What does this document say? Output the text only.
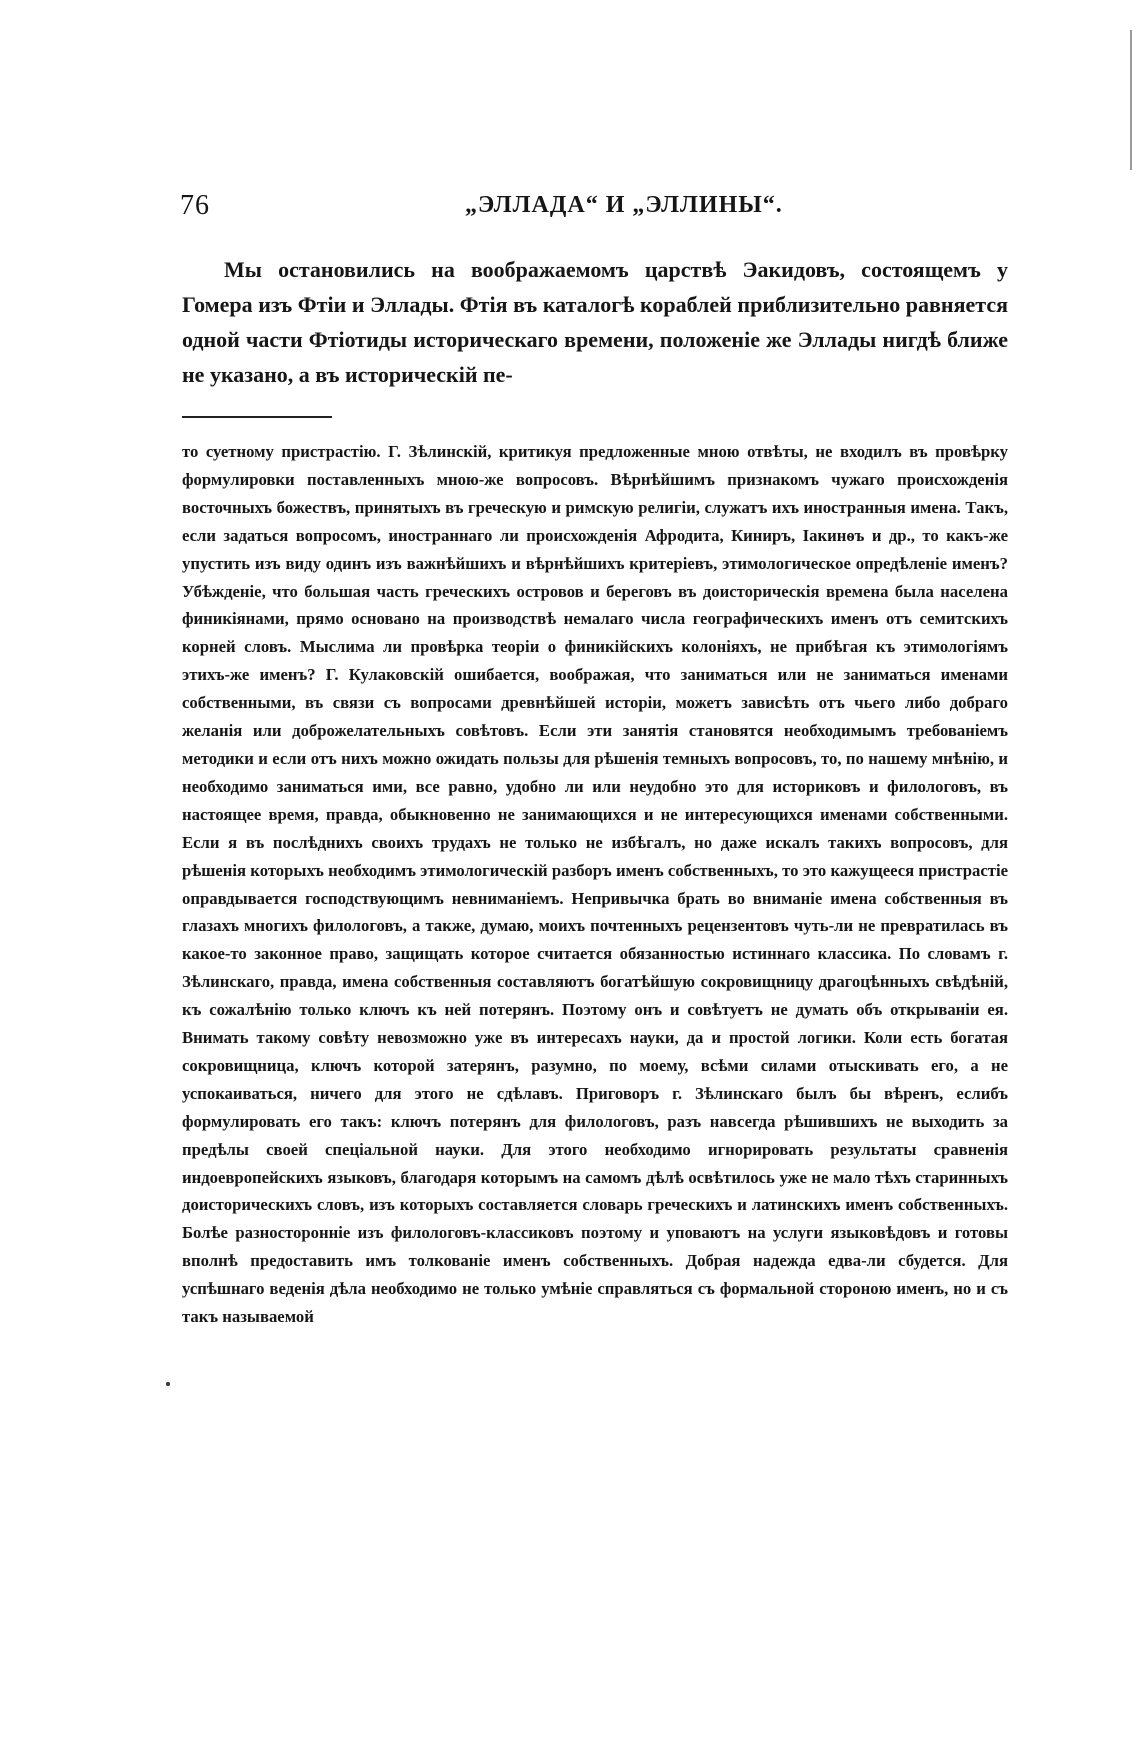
76	„ЭЛЛАДА“ И „ЭЛЛИНЫ“.

Мы остановились на воображаемомъ царствѣ Эакидовъ, состоящемъ у Гомера изъ Фтіи и Эллады. Фтія въ каталогѣ кораблей приблизительно равняется одной части Фтіотиды историческаго времени, положеніе же Эллады нигдѣ ближе не указано, а въ историческій пе-

то суетному пристрастію. Г. Зѣлинскій, критикуя предложенные мною отвѣты, не входилъ въ провѣрку формулировки поставленныхъ мною-же вопросовъ. Вѣрнѣйшимъ признакомъ чужаго происхожденія восточныхъ божествъ, принятыхъ въ греческую и римскую религіи, служатъ ихъ иностранныя имена. Такъ, если задаться вопросомъ, иностраннаго ли происхожденія Афродита, Киниръ, Іакинѳъ и др., то какъ-же упустить изъ виду одинъ изъ важнѣйшихъ и вѣрнѣйшихъ критеріевъ, этимологическое опредѣленіе именъ? Убѣжденіе, что большая часть греческихъ островов и береговъ въ доисторическія времена была населена финикіянами, прямо основано на производствѣ немалаго числа географическихъ именъ отъ семитскихъ корней словъ. Мыслима ли провѣрка теоріи о финикійскихъ колоніяхъ, не прибѣгая къ этимологіямъ этихъ-же именъ? Г. Кулаковскій ошибается, воображая, что заниматься или не заниматься именами собственными, въ связи съ вопросами древнѣйшей исторіи, можетъ зависѣть отъ чьего либо добраго желанія или доброжелательныхъ совѣтовъ. Если эти занятія становятся необходимымъ требованіемъ методики и если отъ нихъ можно ожидать пользы для рѣшенія темныхъ вопросовъ, то, по нашему мнѣнію, и необходимо заниматься ими, все равно, удобно ли или неудобно это для историковъ и филологовъ, въ настоящее время, правда, обыкновенно не занимающихся и не интересующихся именами собственными. Если я въ послѣднихъ своихъ трудахъ не только не избѣгалъ, но даже искалъ такихъ вопросовъ, для рѣшенія которыхъ необходимъ этимологическій разборъ именъ собственныхъ, то это кажущееся пристрастіе оправдывается господствующимъ невниманіемъ. Непривычка брать во вниманіе имена собственныя въ глазахъ многихъ филологовъ, а также, думаю, моихъ почтенныхъ рецензентовъ чуть-ли не превратилась въ какое-то законное право, защищать которое считается обязанностью истиннаго классика. По словамъ г. Зѣлинскаго, правда, имена собственныя составляютъ богатѣйшую сокровищницу драгоцѣнныхъ свѣдѣній, къ сожалѣнію только ключъ къ ней потерянъ. Поэтому онъ и совѣтуетъ не думать объ открываніи ея. Внимать такому совѣту невозможно уже въ интересахъ науки, да и простой логики. Коли есть богатая сокровищница, ключъ которой затерянъ, разумно, по моему, всѣми силами отыскивать его, а не успокаиваться, ничего для этого не сдѣлавъ. Приговоръ г. Зѣлинскаго былъ бы вѣренъ, еслибъ формулировать его такъ: ключъ потерянъ для филологовъ, разъ навсегда рѣшившихъ не выходить за предѣлы своей спеціальной науки. Для этого необходимо игнорировать результаты сравненія индоевропейскихъ языковъ, благодаря которымъ на самомъ дѣлѣ освѣтилось уже не мало тѣхъ старинныхъ доисторическихъ словъ, изъ которыхъ составляется словарь греческихъ и латинскихъ именъ собственныхъ. Болѣе разносторонніе изъ филологовъ-классиковъ поэтому и уповаютъ на услуги языковѣдовъ и готовы вполнѣ предоставить имъ толкованіе именъ собственныхъ. Добрая надежда едва-ли сбудется. Для успѣшнаго веденія дѣла необходимо не только умѣніе справляться съ формальной стороною именъ, но и съ такъ называемой
